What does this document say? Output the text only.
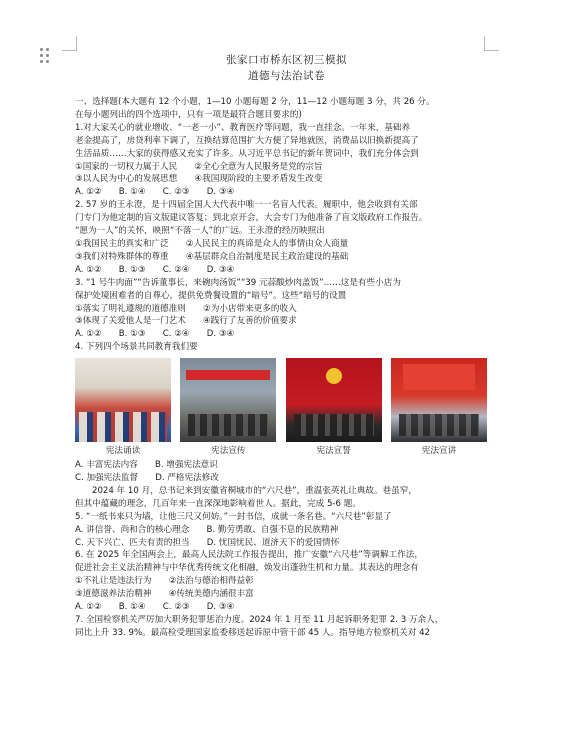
张家口市桥东区初三模拟
道德与法治试卷

一、选择题(本大题有 12 个小题，1—10 小题每题 2 分，11—12 小题每题 3 分，共 26 分。

在每小题列出的四个选项中，只有一项是最符合题目要求的)

1.对大家关心的就业增收、“一老一小”、教育医疗等问题，我一直挂念。一年来，基础养

老金提高了，房贷利率下调了，互换结算范围扩大方便了异地就医，消费品以旧换新提高了

生活品质……大家的获得感又充实了许多。从习近平总书记的新年贺词中，我们充分体会到

①国家的一切权力属于人民　　②全心全意为人民服务是党的宗旨

③以人民为中心的发展思想　　④我国现阶段的主要矛盾发生改变

A. ①②　　B. ①④　　C. ②③　　D. ③④

2. 57 岁的王永澄，是十四届全国人大代表中唯一一名盲人代表。履职中，他会收到有关部

门专门为他定制的盲文版建议答复；到北京开会，大会专门为他准备了盲文版政府工作报告。

“愿为一人”的关怀，映照“不落一人”的广远。王永澄的经历映照出

①我国民主的真实和广泛　　②人民民主的真谛是众人的事情由众人商量

③我们对特殊群体的尊重　　④基层群众自治制度是民主政治建设的基础

A. ①②　　B. ①③　　C. ②④　　D. ③④

3. “1 号牛肉面”“告诉董事长，来碗肉汤饭”“39 元蒜酸炒肉盖饭”……这是有些小店为

保护处境困难者的自尊心，提供免费餐设置的“暗号”。这些“暗号的设置

①落实了明礼遵规的道德准则　　②为小店带来更多的收入

③体现了关爱他人是一门艺术　　④践行了友善的价值要求

A. ①②　　B. ①③　　C. ②④　　D. ③④

4. 下列四个场景共同教育我们要

宪法诵读	宪法宣传	宪法宣誓	宪法宣讲

A. 丰富宪法内容　　B. 增强宪法意识

C. 加强宪法监督　　D. 严格宪法修改

2024 年 10 月，总书记来到安徽省桐城市的“六尺巷”，重温张英礼让典故。巷虽窄，

但其中蕴藏的理念，几百年来一直深深地影响着世人。据此，完成 5-6 题。

5. “一纸书来只为墙，让他三尺又何妨。”一封书信，成就一条名巷。“六尺巷”彰显了

A. 讲信誉、尚和合的核心理念　　B. 勤劳勇敢、自强不息的民族精神

C. 天下兴亡、匹夫有责的担当　　D. 忧国忧民、道济天下的爱国情怀

6. 在 2025 年全国两会上，最高人民法院工作报告提出，推广安徽“六尺巷”等调解工作法，

促进社会主义法治精神与中华优秀传统文化相融，焕发出蓬勃生机和力量。其表达的理念有

①不礼让是违法行为　　②法治与德治相得益彰

③道德滋养法治精神　　④传统美德内涵很丰富

A. ①②　　B. ①④　　C. ②③　　D. ③④

7. 全国检察机关严厉加大职务犯罪惩治力度。2024 年 1 月至 11 月起诉职务犯罪 2. 3 万余人，

同比上升 33. 9%。最高检受理国家监委移送起诉原中管干部 45 人。指导地方检察机关对 42
